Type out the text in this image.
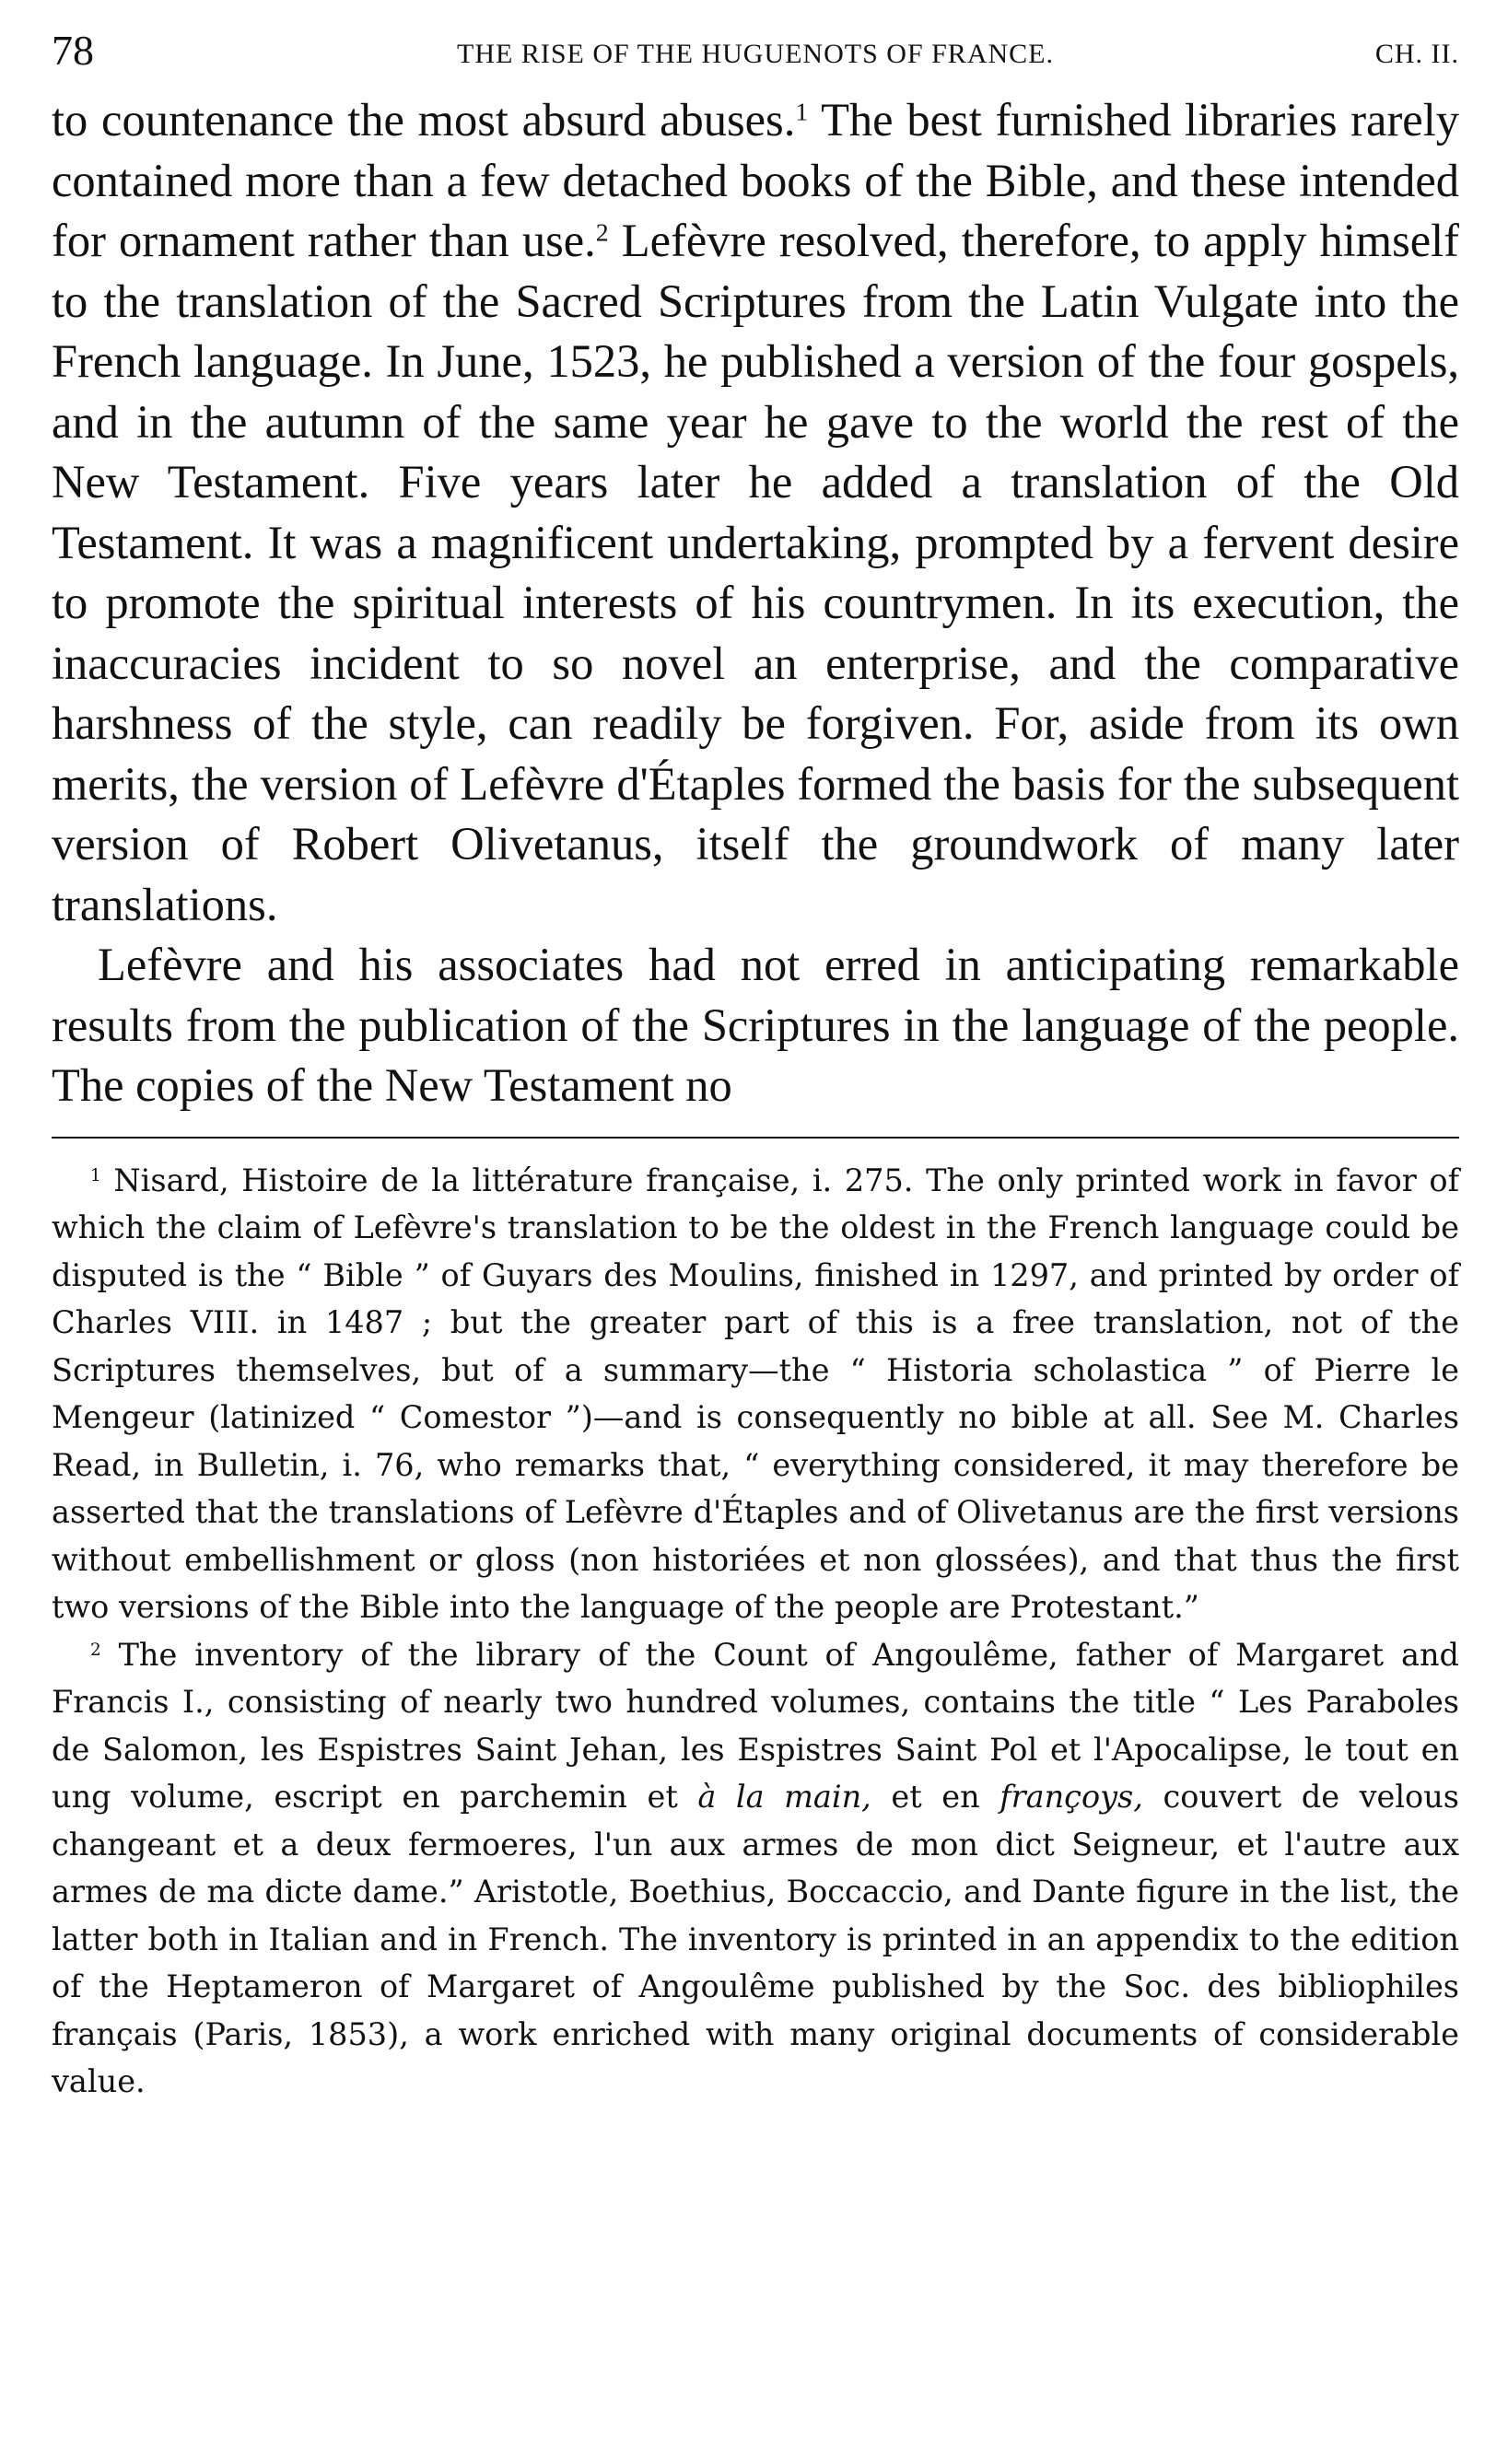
78	THE RISE OF THE HUGUENOTS OF FRANCE.	CH. II.

to countenance the most absurd abuses.$^1$ The best furnished libraries rarely contained more than a few detached books of the Bible, and these intended for ornament rather than use.$^2$ Lefèvre resolved, therefore, to apply himself to the translation of the Sacred Scriptures from the Latin Vulgate into the French language. In June, 1523, he published a version of the four gospels, and in the autumn of the same year he gave to the world the rest of the New Testament. Five years later he added a translation of the Old Testament. It was a magnificent undertaking, prompted by a fervent desire to promote the spiritual interests of his countrymen. In its execution, the inaccuracies incident to so novel an enterprise, and the comparative harshness of the style, can readily be forgiven. For, aside from its own merits, the version of Lefèvre d'Étaples formed the basis for the subsequent version of Robert Olivetanus, itself the groundwork of many later translations.

Lefèvre and his associates had not erred in anticipating remarkable results from the publication of the Scriptures in the language of the people. The copies of the New Testament no

$^1$ Nisard, Histoire de la littérature française, i. 275. The only printed work in favor of which the claim of Lefèvre's translation to be the oldest in the French language could be disputed is the “ Bible ” of Guyars des Moulins, finished in 1297, and printed by order of Charles VIII. in 1487 ; but the greater part of this is a free translation, not of the Scriptures themselves, but of a summary—the “ Historia scholastica ” of Pierre le Mengeur (latinized “ Comestor ”)—and is consequently no bible at all. See M. Charles Read, in Bulletin, i. 76, who remarks that, “ everything considered, it may therefore be asserted that the translations of Lefèvre d'Étaples and of Olivetanus are the first versions without embellishment or gloss (non historiées et non glossées), and that thus the first two versions of the Bible into the language of the people are Protestant.”

$^2$ The inventory of the library of the Count of Angoulême, father of Margaret and Francis I., consisting of nearly two hundred volumes, contains the title “ Les Paraboles de Salomon, les Espistres Saint Jehan, les Espistres Saint Pol et l'Apocalipse, le tout en ung volume, escript en parchemin et à la main, et en françoys, couvert de velous changeant et a deux fermoeres, l'un aux armes de mon dict Seigneur, et l'autre aux armes de ma dicte dame.” Aristotle, Boethius, Boccaccio, and Dante figure in the list, the latter both in Italian and in French. The inventory is printed in an appendix to the edition of the Heptameron of Margaret of Angoulême published by the Soc. des bibliophiles français (Paris, 1853), a work enriched with many original documents of considerable value.
